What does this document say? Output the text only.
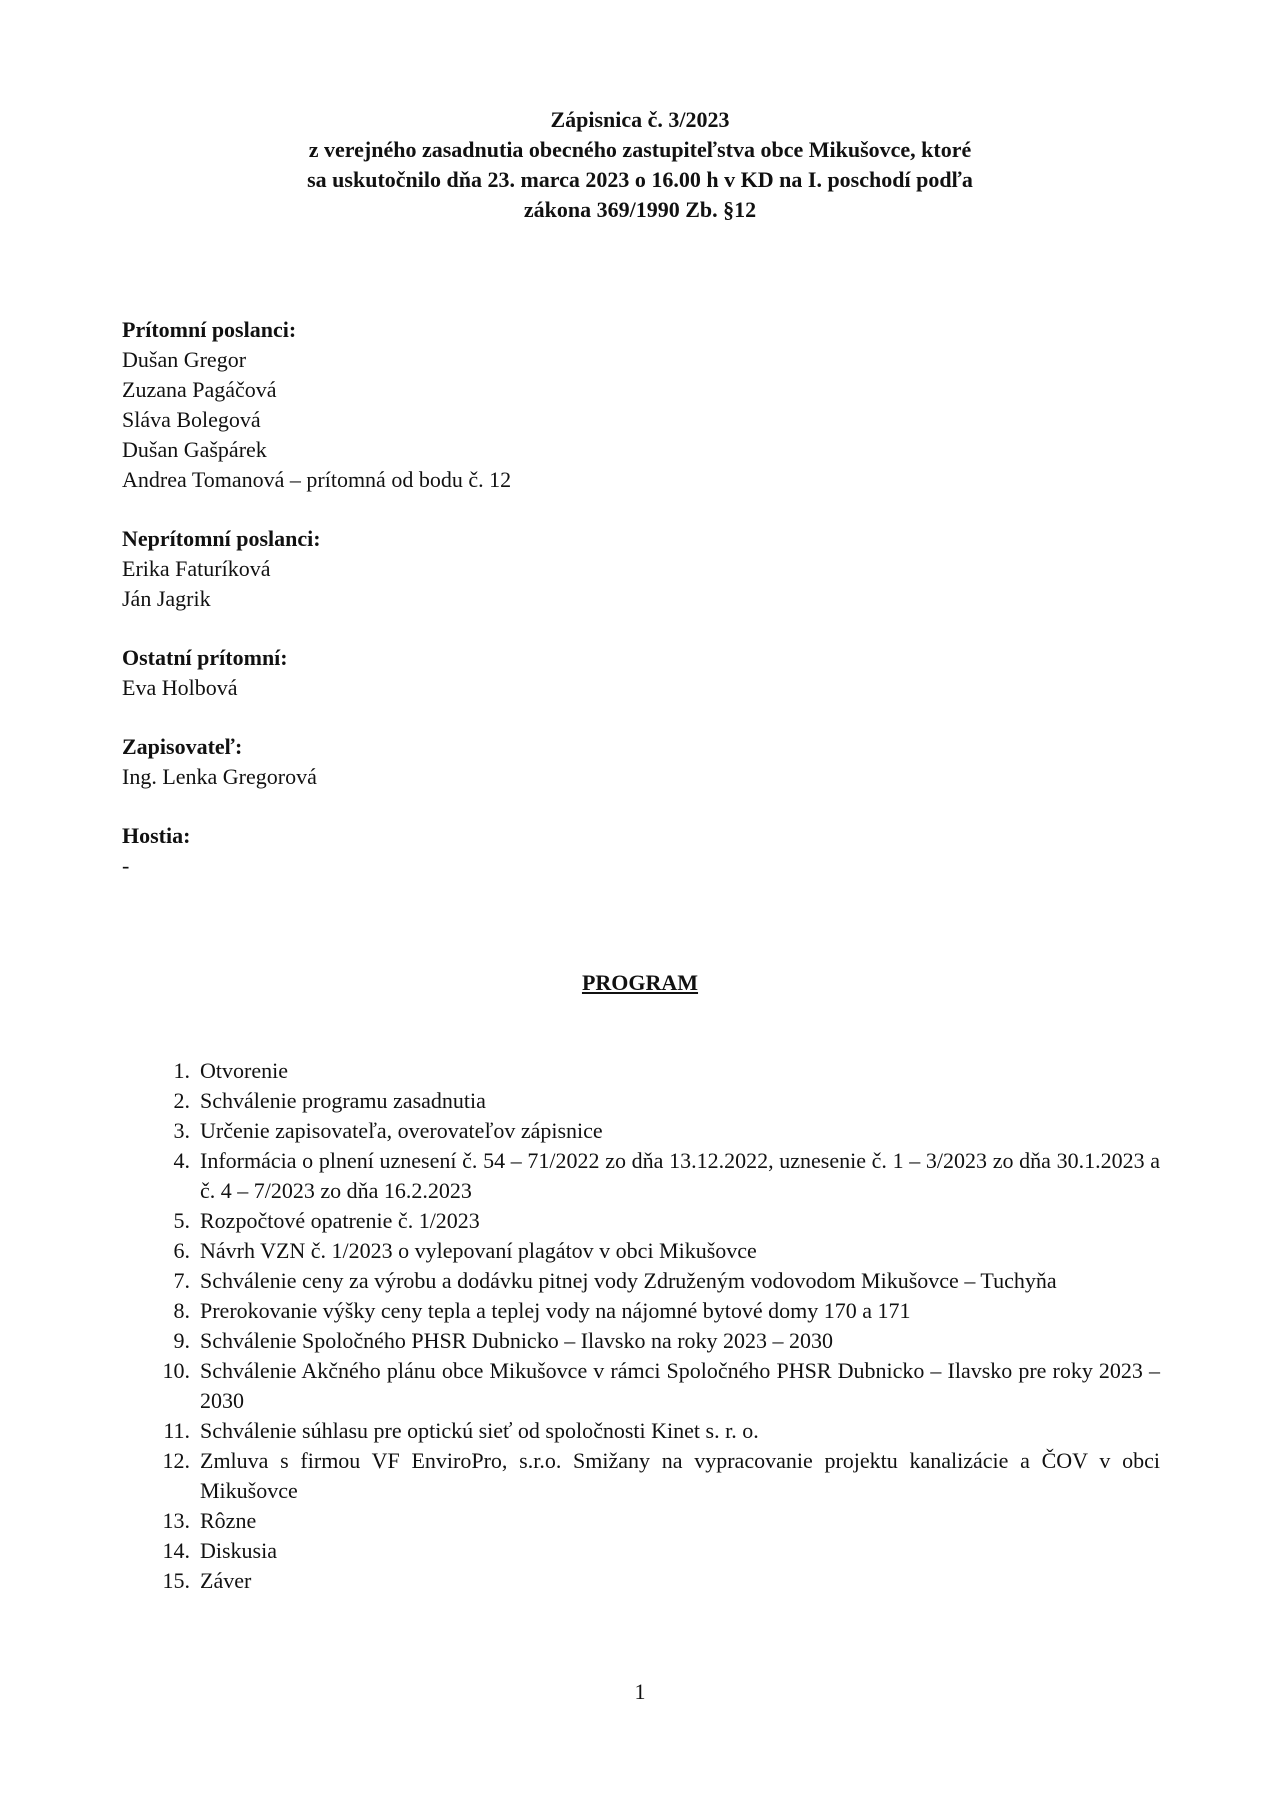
Zápisnica č. 3/2023
z verejného zasadnutia obecného zastupiteľstva obce Mikušovce, ktoré
sa uskutočnilo dňa 23. marca 2023 o 16.00 h v KD na I. poschodí podľa
zákona 369/1990 Zb. §12
Prítomní poslanci:
Dušan Gregor
Zuzana Pagáčová
Sláva Bolegová
Dušan Gašpárek
Andrea Tomanová – prítomná od bodu č. 12
Neprítomní poslanci:
Erika Faturíková
Ján Jagrik
Ostatní prítomní:
Eva Holbová
Zapisovateľ:
Ing. Lenka Gregorová
Hostia:
-
PROGRAM
1. Otvorenie
2. Schválenie programu zasadnutia
3. Určenie zapisovateľa, overovateľov zápisnice
4. Informácia o plnení uznesení č. 54 – 71/2022 zo dňa 13.12.2022, uznesenie č. 1 – 3/2023 zo dňa 30.1.2023 a č. 4 – 7/2023 zo dňa 16.2.2023
5. Rozpočtové opatrenie č. 1/2023
6. Návrh VZN č. 1/2023 o vylepovaní plagátov v obci Mikušovce
7. Schválenie ceny za výrobu a dodávku pitnej vody Združeným vodovodom Mikušovce – Tuchyňa
8. Prerokovanie výšky ceny tepla a teplej vody na nájomné bytové domy 170 a 171
9. Schválenie Spoločného PHSR Dubnicko – Ilavsko na roky 2023 – 2030
10. Schválenie Akčného plánu obce Mikušovce v rámci Spoločného PHSR Dubnicko – Ilavsko pre roky 2023 – 2030
11. Schválenie súhlasu pre optickú sieť od spoločnosti Kinet s. r. o.
12. Zmluva s firmou VF EnviroPro, s.r.o. Smižany na vypracovanie projektu kanalizácie a ČOV v obci Mikušovce
13. Rôzne
14. Diskusia
15. Záver
1
